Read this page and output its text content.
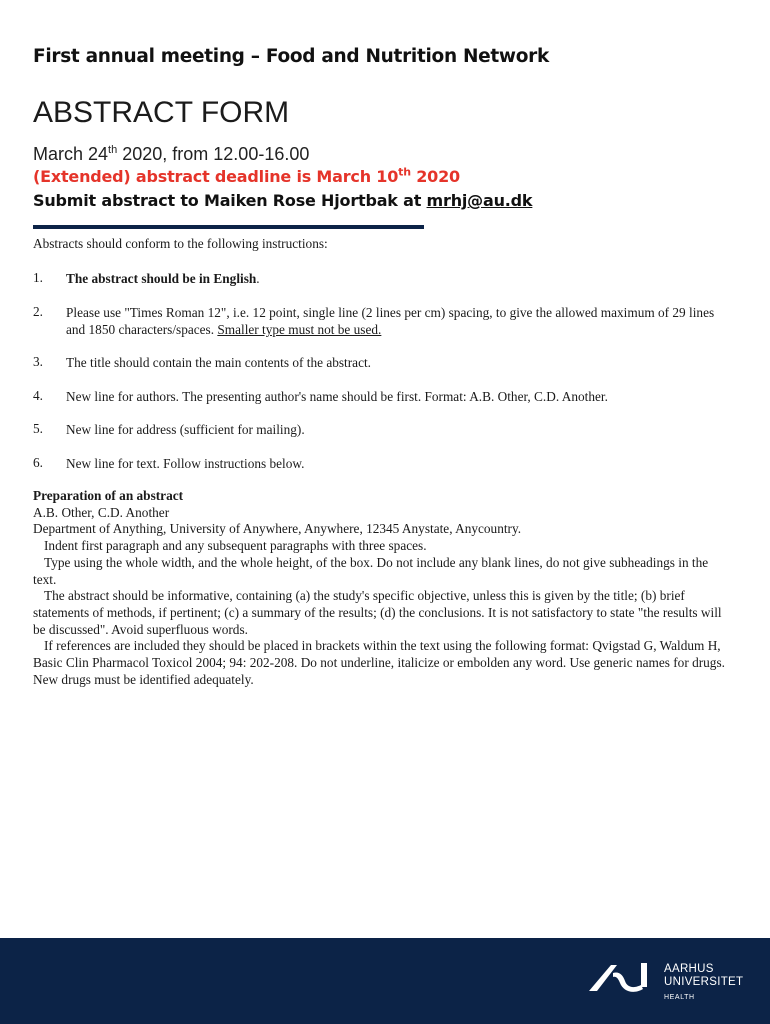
First annual meeting – Food and Nutrition Network
ABSTRACT FORM
March 24th 2020, from 12.00-16.00
(Extended) abstract deadline is March 10th 2020
Submit abstract to Maiken Rose Hjortbak at mrhj@au.dk
Abstracts should conform to the following instructions:
1. The abstract should be in English.
2. Please use "Times Roman 12", i.e. 12 point, single line (2 lines per cm) spacing, to give the allowed maximum of 29 lines and 1850 characters/spaces. Smaller type must not be used.
3. The title should contain the main contents of the abstract.
4. New line for authors. The presenting author's name should be first. Format: A.B. Other, C.D. Another.
5. New line for address (sufficient for mailing).
6. New line for text. Follow instructions below.

Preparation of an abstract

A.B. Other, C.D. Another

Department of Anything, University of Anywhere, Anywhere, 12345 Anystate, Anycountry.

Indent first paragraph and any subsequent paragraphs with three spaces.

Type using the whole width, and the whole height, of the box. Do not include any blank lines, do not give subheadings in the text.

The abstract should be informative, containing (a) the study's specific objective, unless this is given by the title; (b) brief statements of methods, if pertinent; (c) a summary of the results; (d) the conclusions. It is not satisfactory to state "the results will be discussed". Avoid superfluous words.

If references are included they should be placed in brackets within the text using the following format: Qvigstad G, Waldum H, Basic Clin Pharmacol Toxicol 2004; 94: 202-208. Do not underline, italicize or embolden any word. Use generic names for drugs. New drugs must be identified adequately.

AARHUS
UNIVERSITET
HEALTH
